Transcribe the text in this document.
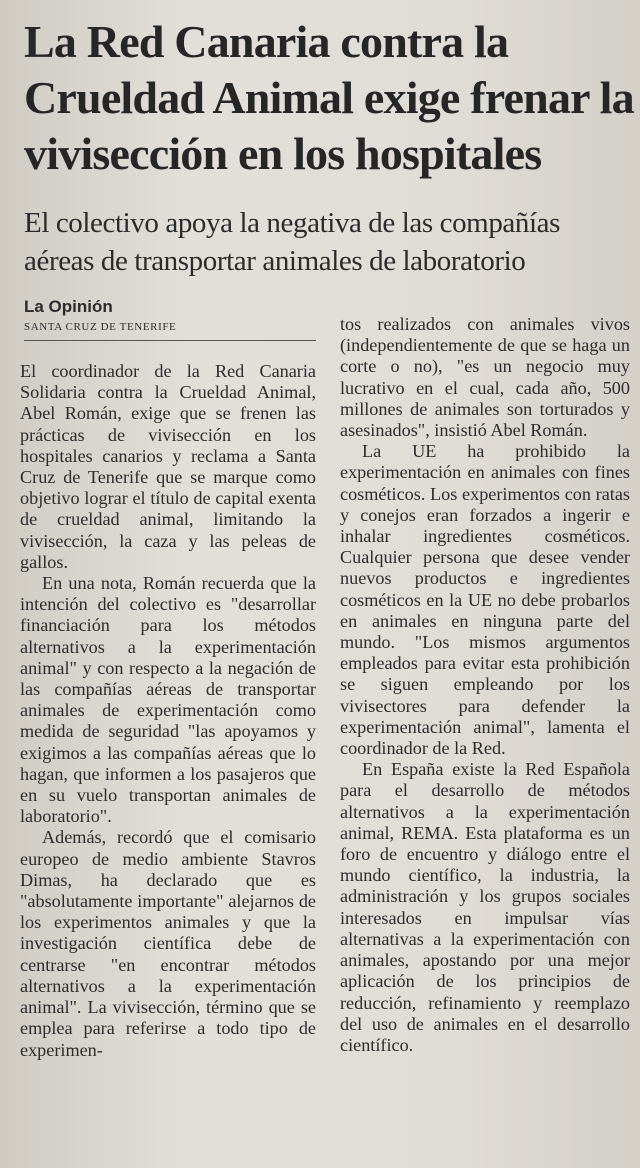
La Red Canaria contra la Crueldad Animal exige frenar la vivisección en los hospitales
El colectivo apoya la negativa de las compañías aéreas de transportar animales de laboratorio
La Opinión
SANTA CRUZ DE TENERIFE

El coordinador de la Red Canaria Solidaria contra la Crueldad Animal, Abel Román, exige que se frenen las prácticas de vivisección en los hospitales canarios y reclama a Santa Cruz de Tenerife que se marque como objetivo lograr el título de capital exenta de crueldad animal, limitando la vivisección, la caza y las peleas de gallos.

En una nota, Román recuerda que la intención del colectivo es "desarrollar financiación para los métodos alternativos a la experimentación animal" y con respecto a la negación de las compañías aéreas de transportar animales de experimentación como medida de seguridad "las apoyamos y exigimos a las compañías aéreas que lo hagan, que informen a los pasajeros que en su vuelo transportan animales de laboratorio".

Además, recordó que el comisario europeo de medio ambiente Stavros Dimas, ha declarado que es "absolutamente importante" alejarnos de los experimentos animales y que la investigación científica debe de centrarse "en encontrar métodos alternativos a la experimentación animal". La vivisección, término que se emplea para referirse a todo tipo de experimen-

tos realizados con animales vivos (independientemente de que se haga un corte o no), "es un negocio muy lucrativo en el cual, cada año, 500 millones de animales son torturados y asesinados", insistió Abel Román.

La UE ha prohibido la experimentación en animales con fines cosméticos. Los experimentos con ratas y conejos eran forzados a ingerir e inhalar ingredientes cosméticos. Cualquier persona que desee vender nuevos productos e ingredientes cosméticos en la UE no debe probarlos en animales en ninguna parte del mundo. "Los mismos argumentos empleados para evitar esta prohibición se siguen empleando por los vivisectores para defender la experimentación animal", lamenta el coordinador de la Red.

En España existe la Red Española para el desarrollo de métodos alternativos a la experimentación animal, REMA. Esta plataforma es un foro de encuentro y diálogo entre el mundo científico, la industria, la administración y los grupos sociales interesados en impulsar vías alternativas a la experimentación con animales, apostando por una mejor aplicación de los principios de reducción, refinamiento y reemplazo del uso de animales en el desarrollo científico.
